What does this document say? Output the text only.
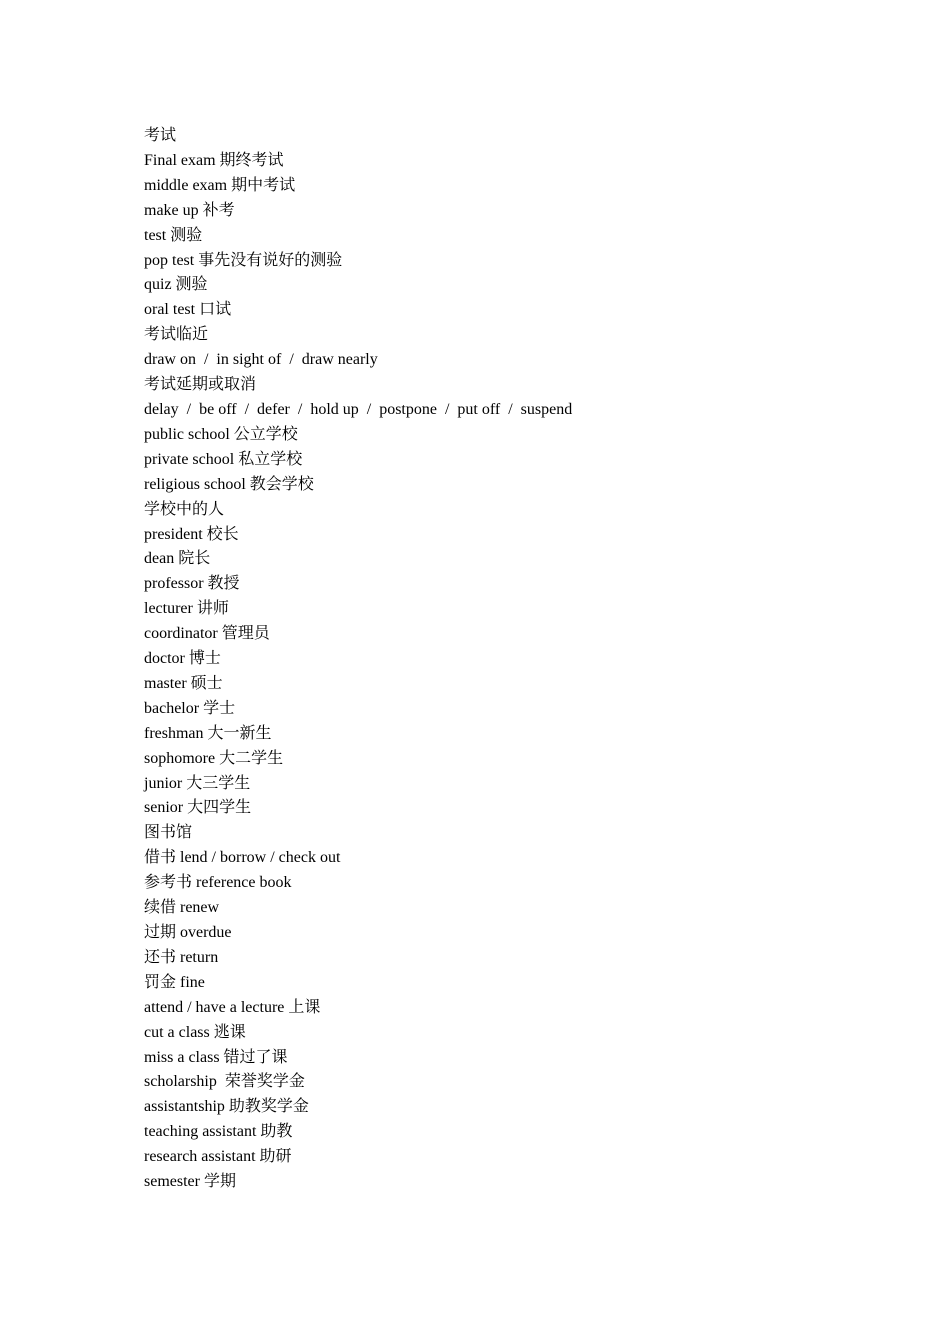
考试

Final exam 期终考试

middle exam 期中考试

make up 补考

test 测验

pop test 事先没有说好的测验

quiz 测验

oral test 口试

考试临近

draw on  /  in sight of  /  draw nearly

考试延期或取消

delay  /  be off  /  defer  /  hold up  /  postpone  /  put off  /  suspend

public school 公立学校

private school 私立学校

religious school 教会学校

学校中的人

president 校长

dean 院长

professor 教授

lecturer 讲师

coordinator 管理员

doctor 博士

master 硕士

bachelor 学士

freshman 大一新生

sophomore 大二学生

junior 大三学生

senior 大四学生

图书馆

借书 lend / borrow / check out

参考书 reference book

续借 renew

过期 overdue

还书 return

罚金 fine

attend / have a lecture 上课

cut a class 逃课

miss a class 错过了课

scholarship  荣誉奖学金

assistantship 助教奖学金

teaching assistant 助教

research assistant 助研

semester 学期
